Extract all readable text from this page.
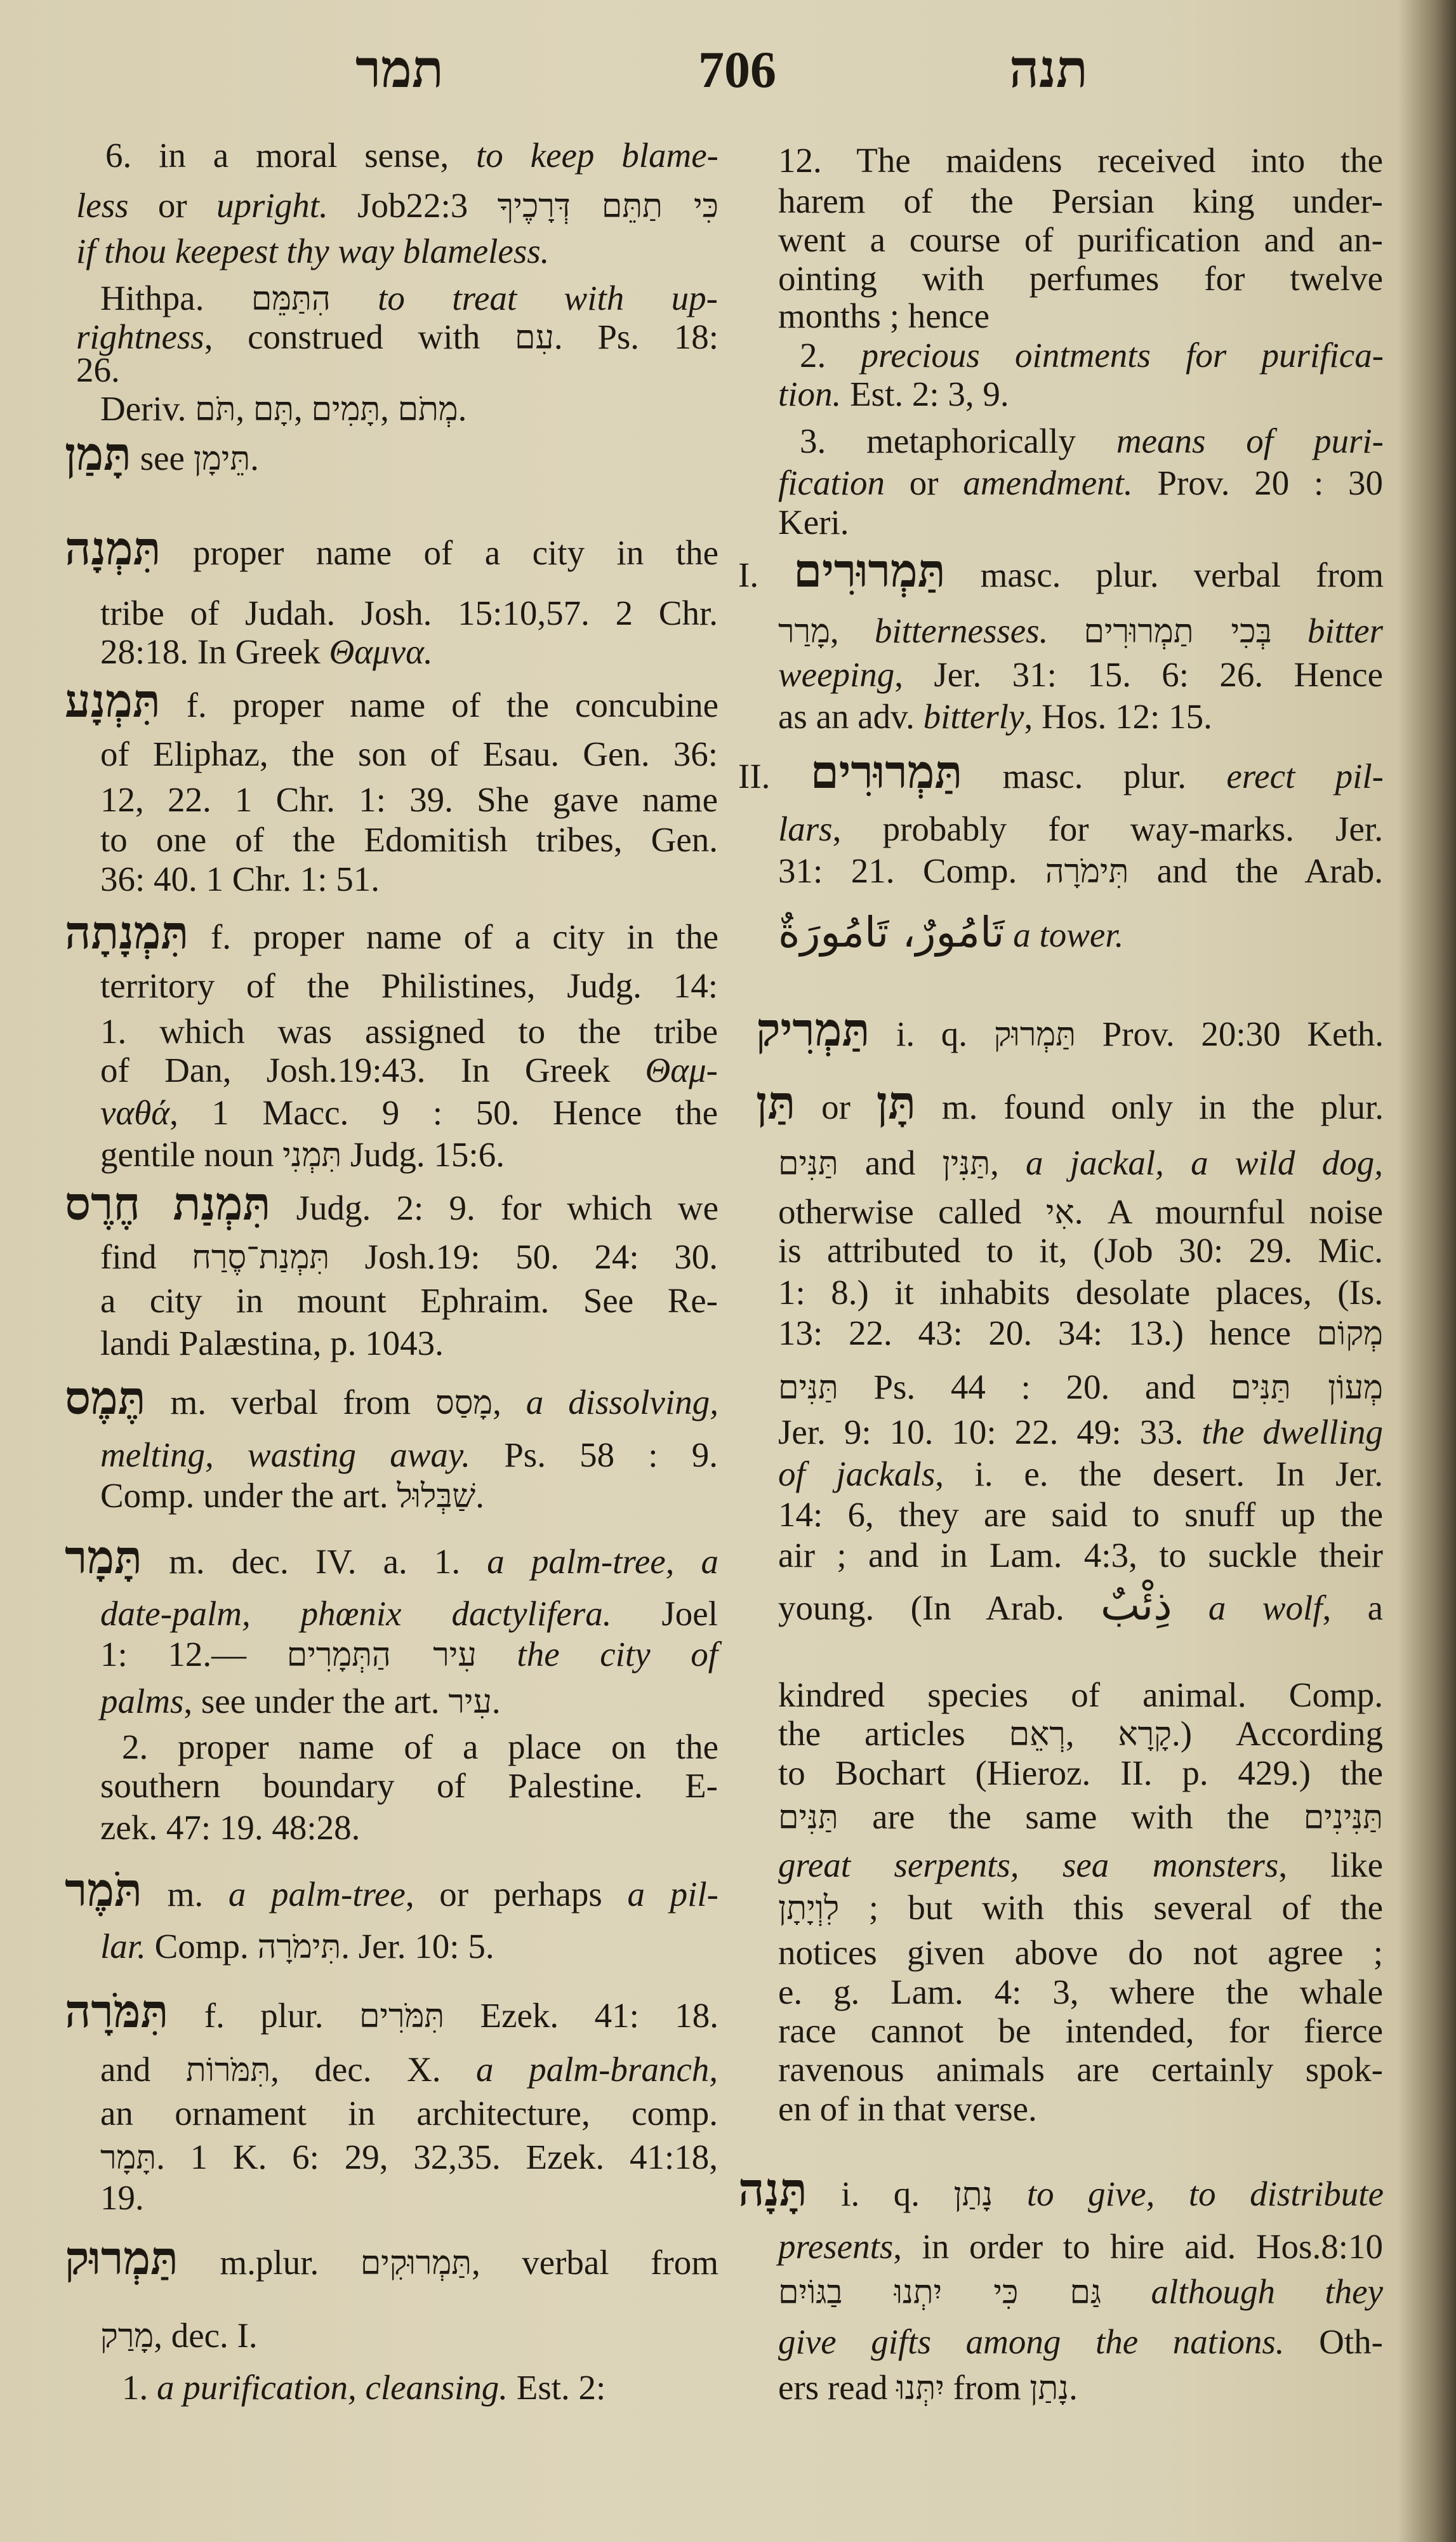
תמר	706	תנה
6. in a moral sense, to keep blame-
less or upright. Job22:3 כִּי תַתֵּם דְּרָכֶיךָ
if thou keepest thy way blameless.
Hithpa. הִתַּמֵּם to treat with up-
rightness, construed with עִם. Ps. 18:
26.
Deriv. תֹּם, תָּם, תָּמִים, מְתֹם.
תָּמַן see תֵּימָן.
תִּמְנָה proper name of a city in the
tribe of Judah. Josh. 15:10,57. 2 Chr.
28:18. In Greek Θαμνα.
תִּמְנָע f. proper name of the concubine
of Eliphaz, the son of Esau. Gen. 36:
12, 22. 1 Chr. 1: 39. She gave name
to one of the Edomitish tribes, Gen.
36: 40. 1 Chr. 1: 51.
תִּמְנָתָה f. proper name of a city in the
territory of the Philistines, Judg. 14:
1. which was assigned to the tribe
of Dan, Josh.19:43. In Greek Θαμ-
ναθά, 1 Macc. 9 : 50. Hence the
gentile noun תִּמְנִי Judg. 15:6.
תִּמְנַת חֶרֶס Judg. 2: 9. for which we
find תִּמְנַת־סֶרַח Josh.19: 50. 24: 30.
a city in mount Ephraim. See Re-
landi Palæstina, p. 1043.
תֶּמֶס m. verbal from מָסַס, a dissolving,
melting, wasting away. Ps. 58 : 9.
Comp. under the art. שַׁבְּלוּל.
תָּמָר m. dec. IV. a. 1. a palm-tree, a
date-palm, phœnix dactylifera. Joel
1: 12.— עִיר הַתְּמָרִים the city of
palms, see under the art. עִיר.
2. proper name of a place on the
southern boundary of Palestine. E-
zek. 47: 19. 48:28.
תֹּמֶר m. a palm-tree, or perhaps a pil-
lar. Comp. תִּימֹרָה. Jer. 10: 5.
תִּמֹּרָה f. plur. תִּמֹּרִים Ezek. 41: 18.
and תִּמֹּרוֹת, dec. X. a palm-branch,
an ornament in architecture, comp.
תָּמָר. 1 K. 6: 29, 32,35. Ezek. 41:18,
19.
תַּמְרוּק m.plur. תַּמְרוּקִים, verbal from
מָרַק, dec. I.
1. a purification, cleansing. Est. 2:
12. The maidens received into the
harem of the Persian king under-
went a course of purification and an-
ointing with perfumes for twelve
months ; hence
2. precious ointments for purifica-
tion. Est. 2: 3, 9.
3. metaphorically means of puri-
fication or amendment. Prov. 20 : 30
Keri.
I. תַּמְרוּרִים masc. plur. verbal from
מָרַר, bitternesses. בְּכִי תַמְרוּרִים bitter
weeping, Jer. 31: 15. 6: 26. Hence
as an adv. bitterly, Hos. 12: 15.
II. תַּמְרוּרִים masc. plur. erect pil-
lars, probably for way-marks. Jer.
31: 21. Comp. תִּימֹרָה and the Arab.
تَامُورٌ، تَامُورَةٌ a tower.
תַּמְרִיק i. q. תַּמְרוּק Prov. 20:30 Keth.
תַּן or תָּן m. found only in the plur.
תַּנִּים and תַּנִּין, a jackal, a wild dog,
otherwise called אִי. A mournful noise
is attributed to it, (Job 30: 29. Mic.
1: 8.) it inhabits desolate places, (Is.
13: 22. 43: 20. 34: 13.) hence מְקוֹם
תַּנִּים Ps. 44 : 20. and מְעוֹן תַּנִּים
Jer. 9: 10. 10: 22. 49: 33. the dwelling
of jackals, i. e. the desert. In Jer.
14: 6, they are said to snuff up the
air ; and in Lam. 4:3, to suckle their
young. (In Arab. ذِئْبٌ a wolf, a
kindred species of animal. Comp.
the articles רְאֵם, קָרָא.) According
to Bochart (Hieroz. II. p. 429.) the
תַּנִּים are the same with the תַּנִּינִים
great serpents, sea monsters, like
לִוְיָתָן ; but with this several of the
notices given above do not agree ;
e. g. Lam. 4: 3, where the whale
race cannot be intended, for fierce
ravenous animals are certainly spok-
en of in that verse.
תָּנָה i. q. נָתַן to give, to distribute
presents, in order to hire aid. Hos.8:10
גַּם כִּי יִתְנוּ בַגּוֹיִם although they
give gifts among the nations. Oth-
ers read יִתְּנוּ from נָתַן.
